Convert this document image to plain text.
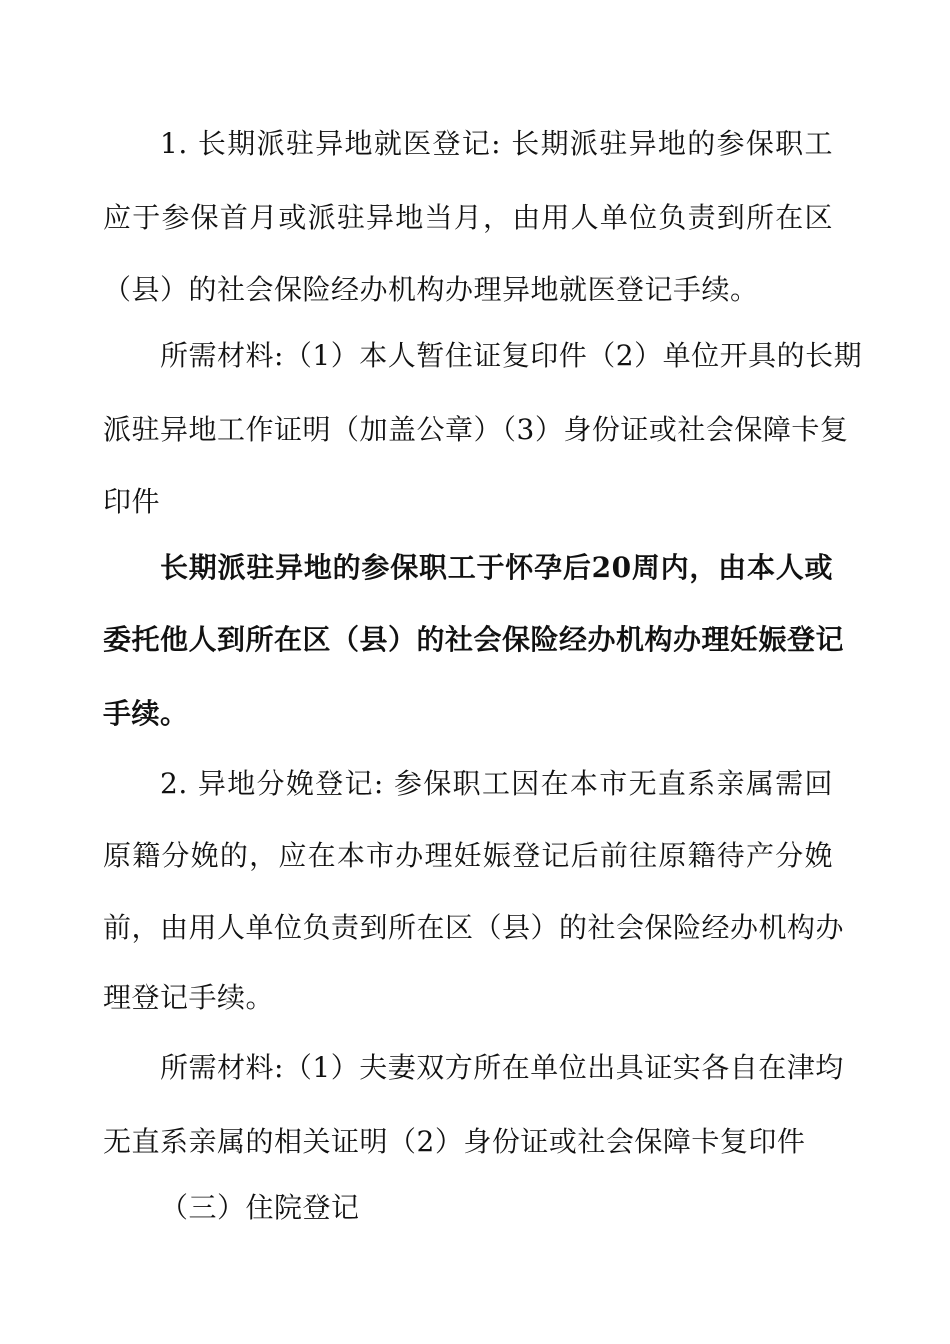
1. 长期派驻异地就医登记: 长期派驻异地的参保职工
应于参保首月或派驻异地当月，由用人单位负责到所在区
（县）的社会保险经办机构办理异地就医登记手续。
所需材料:（1）本人暂住证复印件（2）单位开具的长期
派驻异地工作证明（加盖公章）（3）身份证或社会保障卡复
印件
长期派驻异地的参保职工于怀孕后20周内，由本人或
委托他人到所在区（县）的社会保险经办机构办理妊娠登记
手续。
2. 异地分娩登记: 参保职工因在本市无直系亲属需回
原籍分娩的，应在本市办理妊娠登记后前往原籍待产分娩
前，由用人单位负责到所在区（县）的社会保险经办机构办
理登记手续。
所需材料:（1）夫妻双方所在单位出具证实各自在津均
无直系亲属的相关证明（2）身份证或社会保障卡复印件
（三）住院登记
